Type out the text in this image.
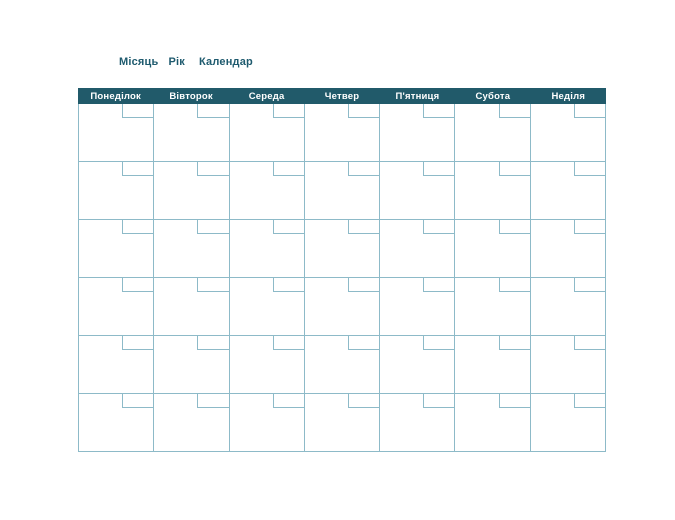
Місяць Рік Календар
Понеділок	Вівторок	Середа	Четвер	П'ятниця	Субота	Неділя
